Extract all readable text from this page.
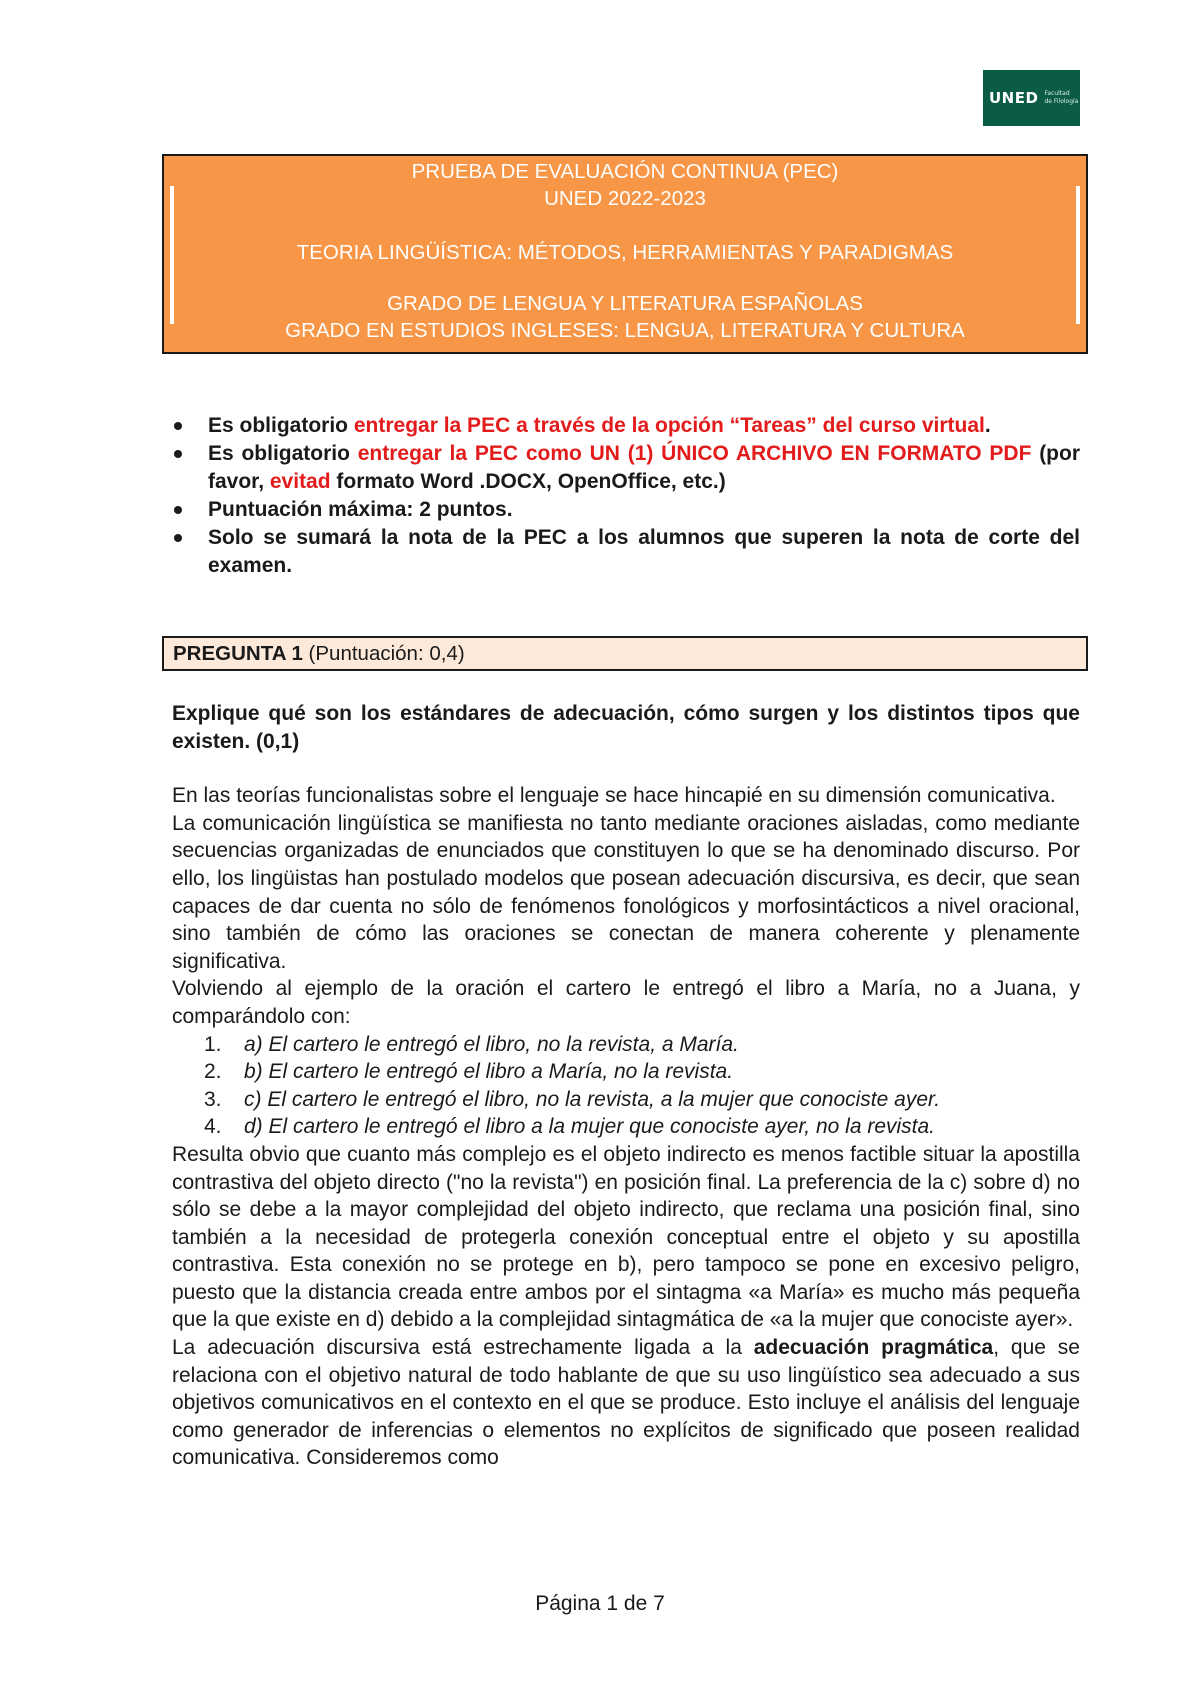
UNED Facultad
de Filología
PRUEBA DE EVALUACIÓN CONTINUA (PEC)
UNED 2022-2023
TEORIA LINGÜÍSTICA: MÉTODOS, HERRAMIENTAS Y PARADIGMAS
GRADO DE LENGUA Y LITERATURA ESPAÑOLAS
GRADO EN ESTUDIOS INGLESES: LENGUA, LITERATURA Y CULTURA
Es obligatorio entregar la PEC a través de la opción “Tareas” del curso virtual.
Es obligatorio entregar la PEC como UN (1) ÚNICO ARCHIVO EN FORMATO PDF (por favor, evitad formato Word .DOCX, OpenOffice, etc.)
Puntuación máxima: 2 puntos.
Solo se sumará la nota de la PEC a los alumnos que superen la nota de corte del examen.
PREGUNTA 1 (Puntuación: 0,4)

Explique qué son los estándares de adecuación, cómo surgen y los distintos tipos que existen. (0,1)

En las teorías funcionalistas sobre el lenguaje se hace hincapié en su dimensión comunicativa.

La comunicación lingüística se manifiesta no tanto mediante oraciones aisladas, como mediante secuencias organizadas de enunciados que constituyen lo que se ha denominado discurso. Por ello, los lingüistas han postulado modelos que posean adecuación discursiva, es decir, que sean capaces de dar cuenta no sólo de fenómenos fonológicos y morfosintácticos a nivel oracional, sino también de cómo las oraciones se conectan de manera coherente y plenamente significativa.

Volviendo al ejemplo de la oración el cartero le entregó el libro a María, no a Juana, y comparándolo con:

1. a) El cartero le entregó el libro, no la revista, a María.
2. b) El cartero le entregó el libro a María, no la revista.
3. c) El cartero le entregó el libro, no la revista, a la mujer que conociste ayer.
4. d) El cartero le entregó el libro a la mujer que conociste ayer, no la revista.

Resulta obvio que cuanto más complejo es el objeto indirecto es menos factible situar la apostilla contrastiva del objeto directo ("no la revista") en posición final. La preferencia de la c) sobre d) no sólo se debe a la mayor complejidad del objeto indirecto, que reclama una posición final, sino también a la necesidad de protegerla conexión conceptual entre el objeto y su apostilla contrastiva. Esta conexión no se protege en b), pero tampoco se pone en excesivo peligro, puesto que la distancia creada entre ambos por el sintagma «a María» es mucho más pequeña que la que existe en d) debido a la complejidad sintagmática de «a la mujer que conociste ayer».

La adecuación discursiva está estrechamente ligada a la adecuación pragmática, que se relaciona con el objetivo natural de todo hablante de que su uso lingüístico sea adecuado a sus objetivos comunicativos en el contexto en el que se produce. Esto incluye el análisis del lenguaje como generador de inferencias o elementos no explícitos de significado que poseen realidad comunicativa. Consideremos como

Página 1 de 7
